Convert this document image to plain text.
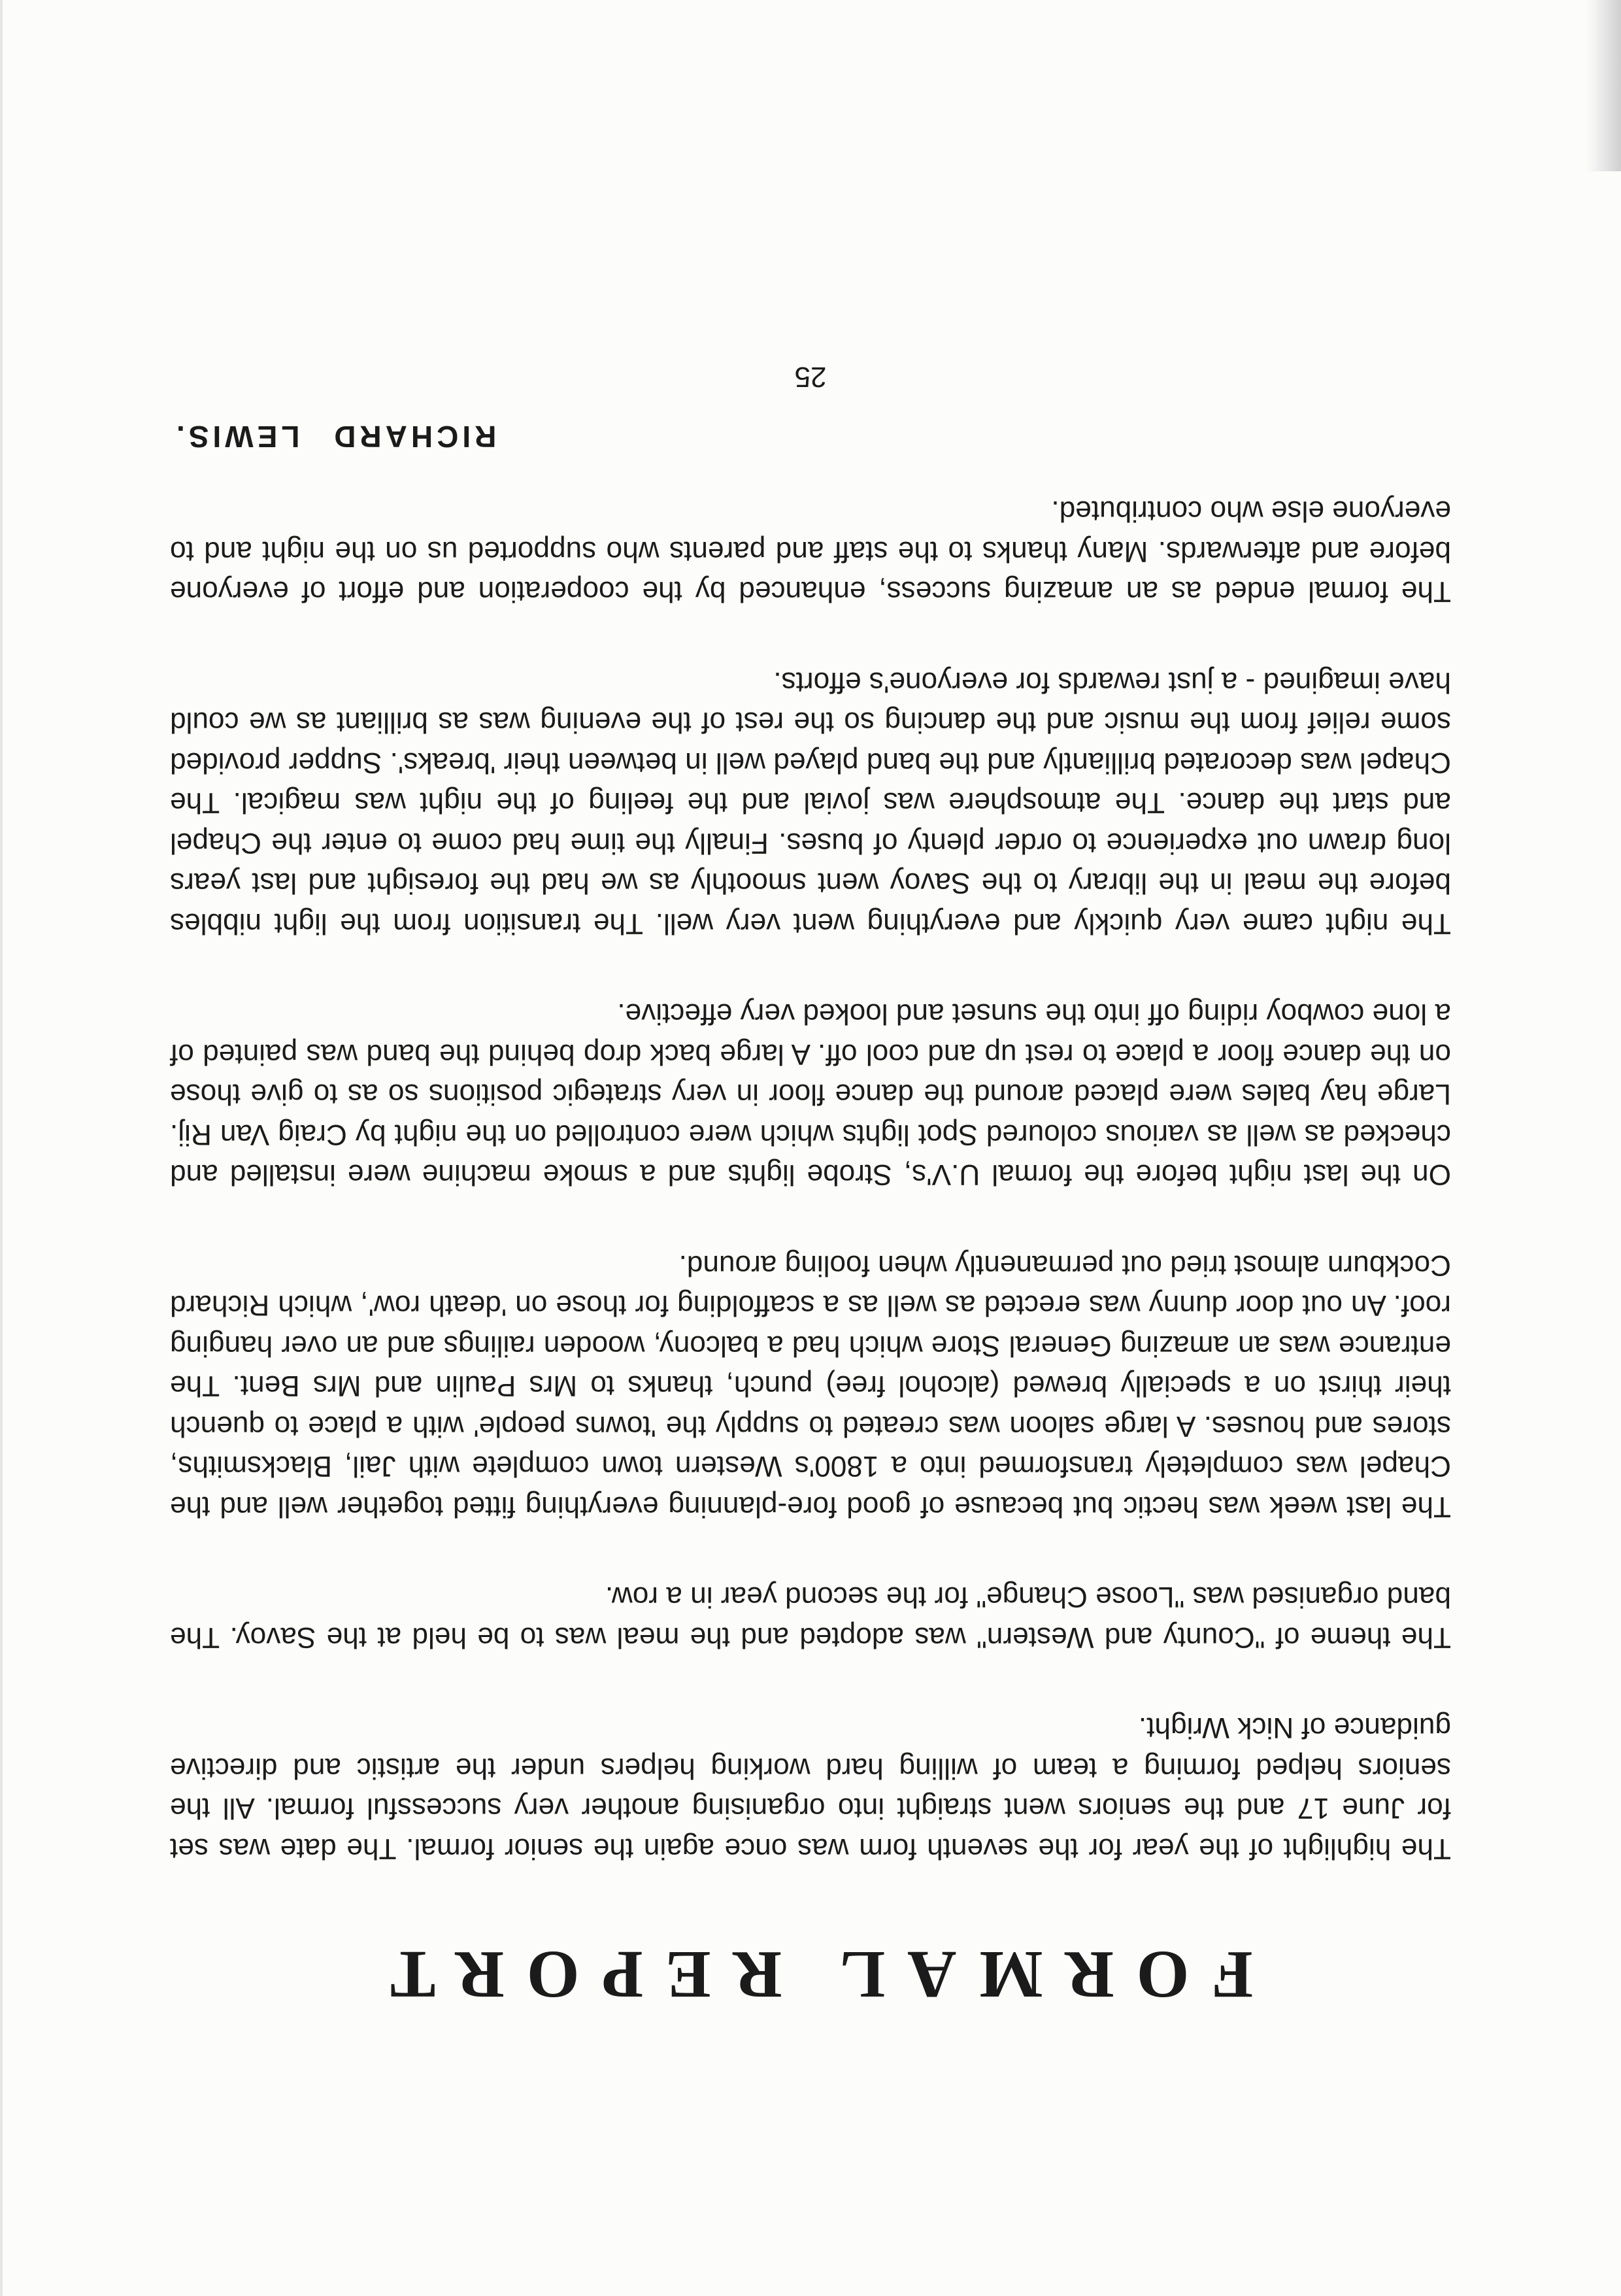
FORMAL REPORT

The highlight of the year for the seventh form was once again the senior formal. The date was set for June 17 and the seniors went straight into organising another very successful formal. All the seniors helped forming a team of willing hard working helpers under the artistic and directive guidance of Nick Wright.

The theme of "County and Western" was adopted and the meal was to be held at the Savoy. The band organised was "Loose Change" for the second year in a row.

The last week was hectic but because of good fore-planning everything fitted together well and the Chapel was completely transformed into a 1800's Western town complete with Jail, Blacksmiths, stores and houses. A large saloon was created to supply the 'towns people' with a place to quench their thirst on a specially brewed (alcohol free) punch, thanks to Mrs Paulin and Mrs Bent. The entrance was an amazing General Store which had a balcony, wooden railings and an over hanging roof. An out door dunny was erected as well as a scaffolding for those on 'death row', which Richard Cockburn almost tried out permanently when fooling around.

On the last night before the formal U.V's, Strobe lights and a smoke machine were installed and checked as well as various coloured Spot lights which were controlled on the night by Craig Van Rij. Large hay bales were placed around the dance floor in very strategic positions so as to give those on the dance floor a place to rest up and cool off. A large back drop behind the band was painted of a lone cowboy riding off into the sunset and looked very effective.

The night came very quickly and everything went very well. The transition from the light nibbles before the meal in the library to the Savoy went smoothly as we had the foresight and last years long drawn out experience to order plenty of buses. Finally the time had come to enter the Chapel and start the dance. The atmosphere was jovial and the feeling of the night was magical. The Chapel was decorated brilliantly and the band played well in between their 'breaks'. Supper provided some relief from the music and the dancing so the rest of the evening was as brilliant as we could have imagined - a just rewards for everyone's efforts.

The formal ended as an amazing success, enhanced by the cooperation and effort of everyone before and afterwards. Many thanks to the staff and parents who supported us on the night and to everyone else who contributed.

RICHARD LEWIS.
25
